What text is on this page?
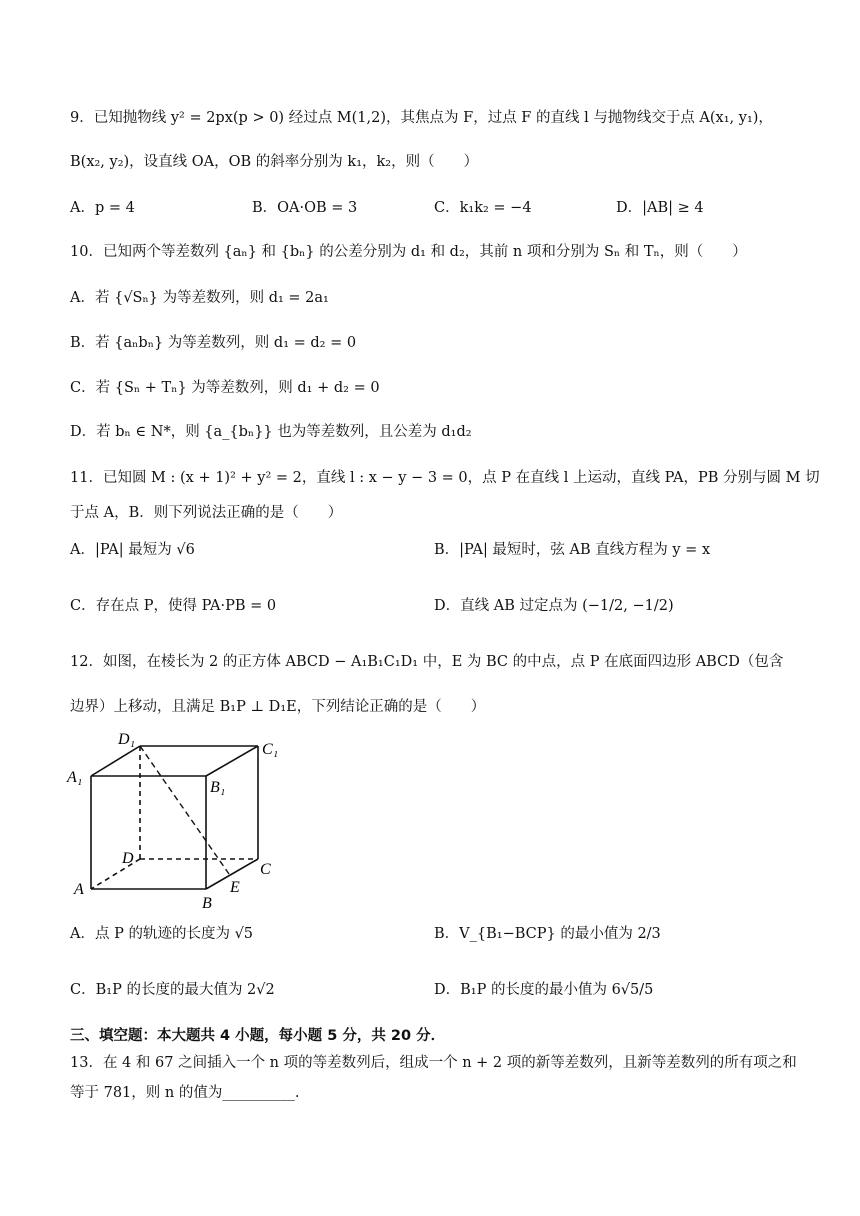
9．已知抛物线 y² = 2px(p > 0) 经过点 M(1,2)，其焦点为 F，过点 F 的直线 l 与抛物线交于点 A(x₁, y₁)，
B(x₂, y₂)，设直线 OA，OB 的斜率分别为 k₁，k₂，则（　　）
A．p = 4	B．OA·OB = 3	C．k₁k₂ = −4	D．|AB| ≥ 4
10．已知两个等差数列 {aₙ} 和 {bₙ} 的公差分别为 d₁ 和 d₂，其前 n 项和分别为 Sₙ 和 Tₙ，则（　　）
A．若 {√Sₙ} 为等差数列，则 d₁ = 2a₁
B．若 {aₙbₙ} 为等差数列，则 d₁ = d₂ = 0
C．若 {Sₙ + Tₙ} 为等差数列，则 d₁ + d₂ = 0
D．若 bₙ ∈ N*，则 {a_{bₙ}} 也为等差数列，且公差为 d₁d₂
11．已知圆 M : (x + 1)² + y² = 2，直线 l : x − y − 3 = 0，点 P 在直线 l 上运动，直线 PA，PB 分别与圆 M 切
于点 A，B．则下列说法正确的是（　　）
A．|PA| 最短为 √6	B．|PA| 最短时，弦 AB 直线方程为 y = x
C．存在点 P，使得 PA·PB = 0	D．直线 AB 过定点为 (−1/2, −1/2)
12．如图，在棱长为 2 的正方体 ABCD − A₁B₁C₁D₁ 中，E 为 BC 的中点，点 P 在底面四边形 ABCD（包含
边界）上移动，且满足 B₁P ⊥ D₁E，下列结论正确的是（　　）
D₁
C₁
A₁
B₁
D
C
A
B
E
A．点 P 的轨迹的长度为 √5	B．V_{B₁−BCP} 的最小值为 2/3
C．B₁P 的长度的最大值为 2√2	D．B₁P 的长度的最小值为 6√5/5
三、填空题：本大题共 4 小题，每小题 5 分，共 20 分．
13．在 4 和 67 之间插入一个 n 项的等差数列后，组成一个 n + 2 项的新等差数列，且新等差数列的所有项之和
等于 781，则 n 的值为__________.
